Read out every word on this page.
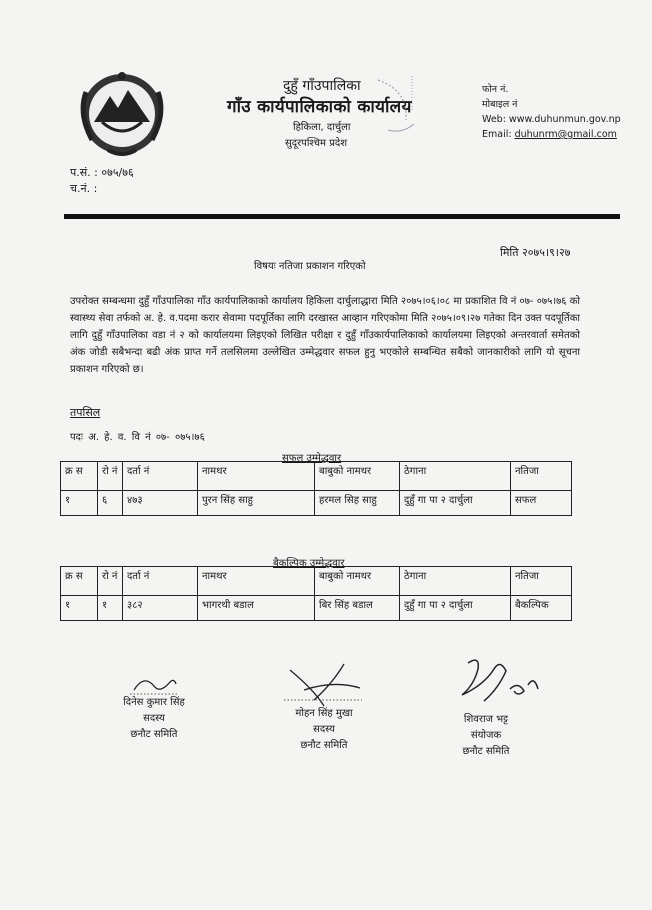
दुहुँ गाँउपालिका
गाँउ कार्यपालिकाको कार्यालय
हिकिला, दार्चुला
सुदूरपश्चिम प्रदेश
फोन नं.
मोबाइल नं
Web: www.duhunmun.gov.np
Email: duhunrm@gmail.com
प.सं. : ०७५/७६
च.नं. :
मिति २०७५।९।२७
विषयः नतिजा प्रकाशन गरिएको
उपरोक्त सम्बन्धमा दुहुँ गाँउपालिका गाँउ कार्यपालिकाको कार्यालय हिकिला दार्चुलाद्धारा मिति २०७५।०६।०८ मा प्रकाशित वि नं ०७- ०७५।७६ को स्वास्थ्य सेवा तर्फको अ. हे. व.पदमा करार सेवामा पदपूर्तिका लागि दरखास्त आव्हान गरिएकोमा मिति २०७५।०९।२७ गतेका दिन उक्त पदपूर्तिका लागि दुहुँ गाँउपालिका वडा नं २ को कार्यालयमा लिइएको लिखित परीक्षा र दुहुँ गाँउकार्यपालिकाको कार्यालयमा लिइएको अन्तरवार्ता समेतको अंक जोडी सबैभन्दा बढी अंक प्राप्त गर्ने तलसिलमा उल्लेखित उम्मेद्धवार सफल हुनु भएकोले सम्बन्धित सबैको जानकारीको लागि यो सूचना प्रकाशन गरिएको छ।
तपसिल
पदः अ. हे. व. वि नं ०७- ०७५।७६
सफल उम्मेद्धवार
क्र स	रो नं	दर्ता नं	नामथर	बाबुको नामथर	ठेगाना	नतिजा
१	६	४७३	पुरन सिंह साहु	हरमल सिह साहु	दुहुँ गा पा २ दार्चुला	सफल
बैकल्पिक उम्मेद्धवार
क्र स	रो नं	दर्ता नं	नामथर	बाबुको नामथर	ठेगाना	नतिजा
१	१	३८२	भागरथी बडाल	बिर सिंह बडाल	दुहुँ गा पा २ दार्चुला	बैकल्पिक
दिनेस कुमार सिंह
सदस्य
छनौट समिति
मोहन सिंह मुखा
सदस्य
छनौट समिति
शिवराज भट्ट
संयोजक
छनौट समिति
